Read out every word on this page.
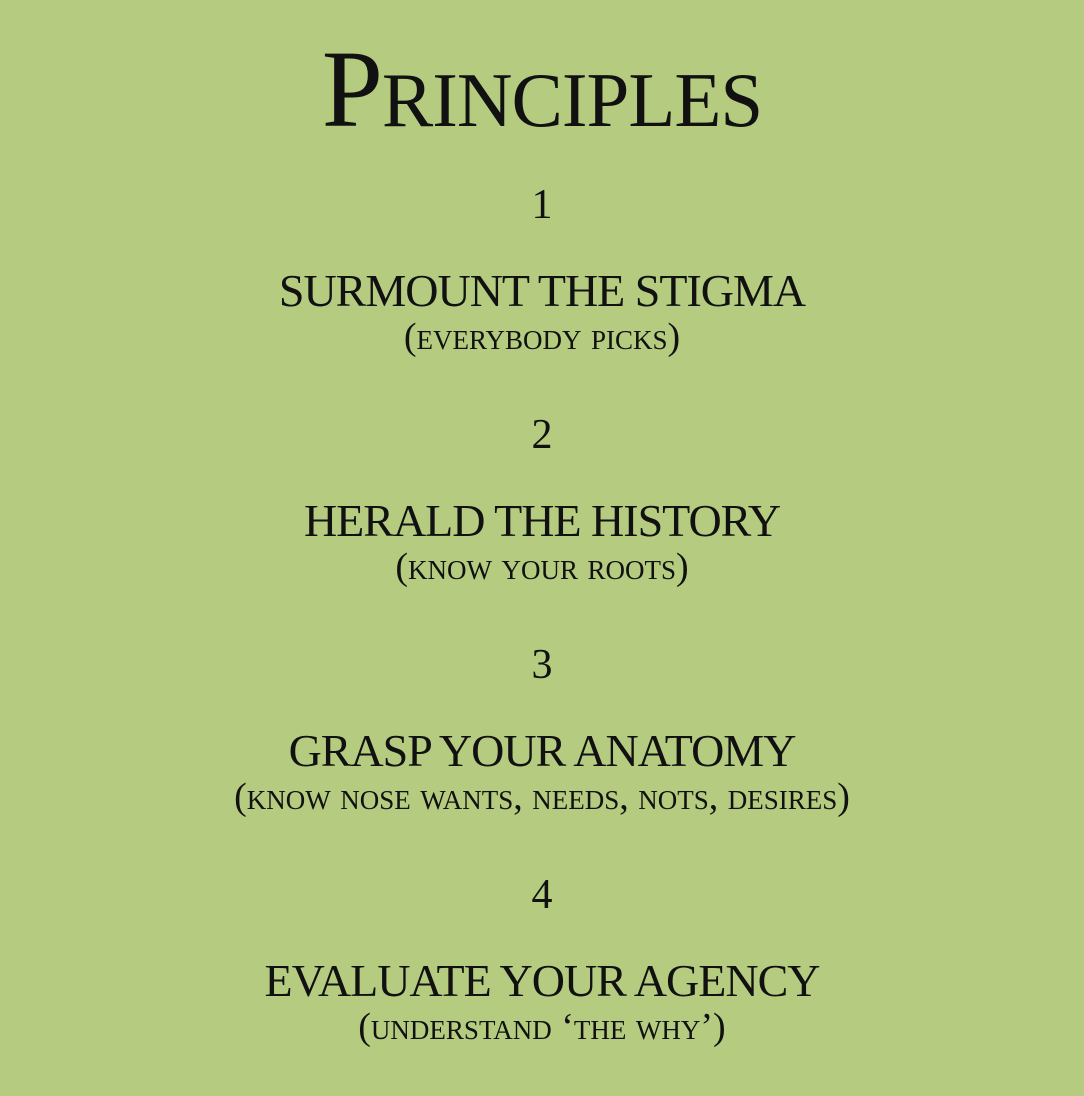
Principles
1
SURMOUNT THE STIGMA
(everybody picks)
2
HERALD THE HISTORY
(know your roots)
3
GRASP YOUR ANATOMY
(know nose wants, needs, nots, desires)
4
EVALUATE YOUR AGENCY
(understand ‘the why’)
